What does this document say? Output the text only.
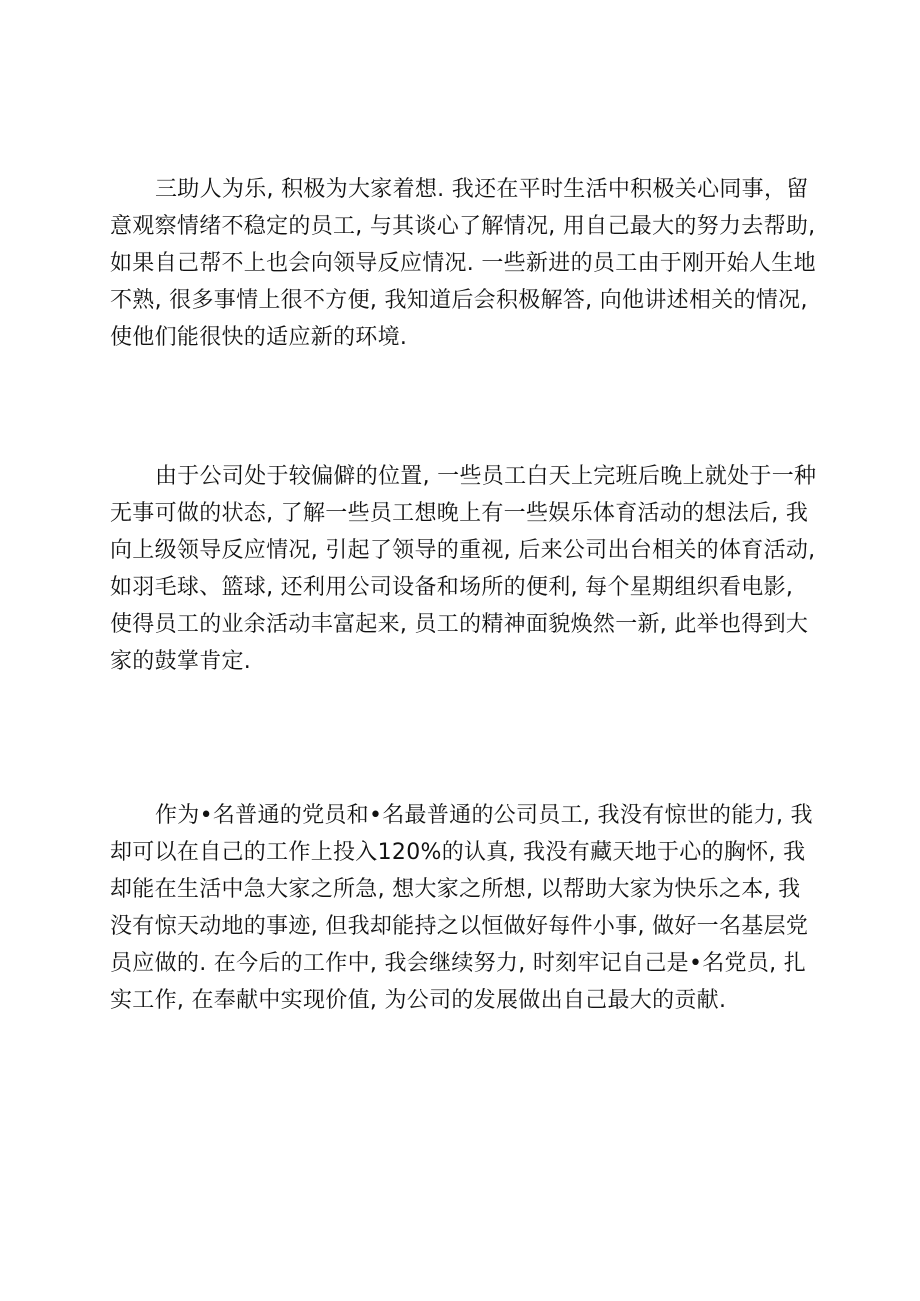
三助人为乐, 积极为大家着想. 我还在平时生活中积极关心同事，留意观察情绪不稳定的员工, 与其谈心了解情况, 用自己最大的努力去帮助, 如果自己帮不上也会向领导反应情况. 一些新进的员工由于刚开始人生地不熟, 很多事情上很不方便, 我知道后会积极解答, 向他讲述相关的情况, 使他们能很快的适应新的环境.

由于公司处于较偏僻的位置, 一些员工白天上完班后晚上就处于一种无事可做的状态, 了解一些员工想晚上有一些娱乐体育活动的想法后, 我向上级领导反应情况, 引起了领导的重视, 后来公司出台相关的体育活动, 如羽毛球、篮球, 还利用公司设备和场所的便利, 每个星期组织看电影, 使得员工的业余活动丰富起来, 员工的精神面貌焕然一新, 此举也得到大家的鼓掌肯定.

作为•名普通的党员和•名最普通的公司员工, 我没有惊世的能力, 我却可以在自己的工作上投入120%的认真, 我没有藏天地于心的胸怀, 我却能在生活中急大家之所急, 想大家之所想, 以帮助大家为快乐之本, 我没有惊天动地的事迹, 但我却能持之以恒做好每件小事, 做好一名基层党员应做的. 在今后的工作中, 我会继续努力, 时刻牢记自己是•名党员, 扎实工作, 在奉献中实现价值, 为公司的发展做出自己最大的贡献.
